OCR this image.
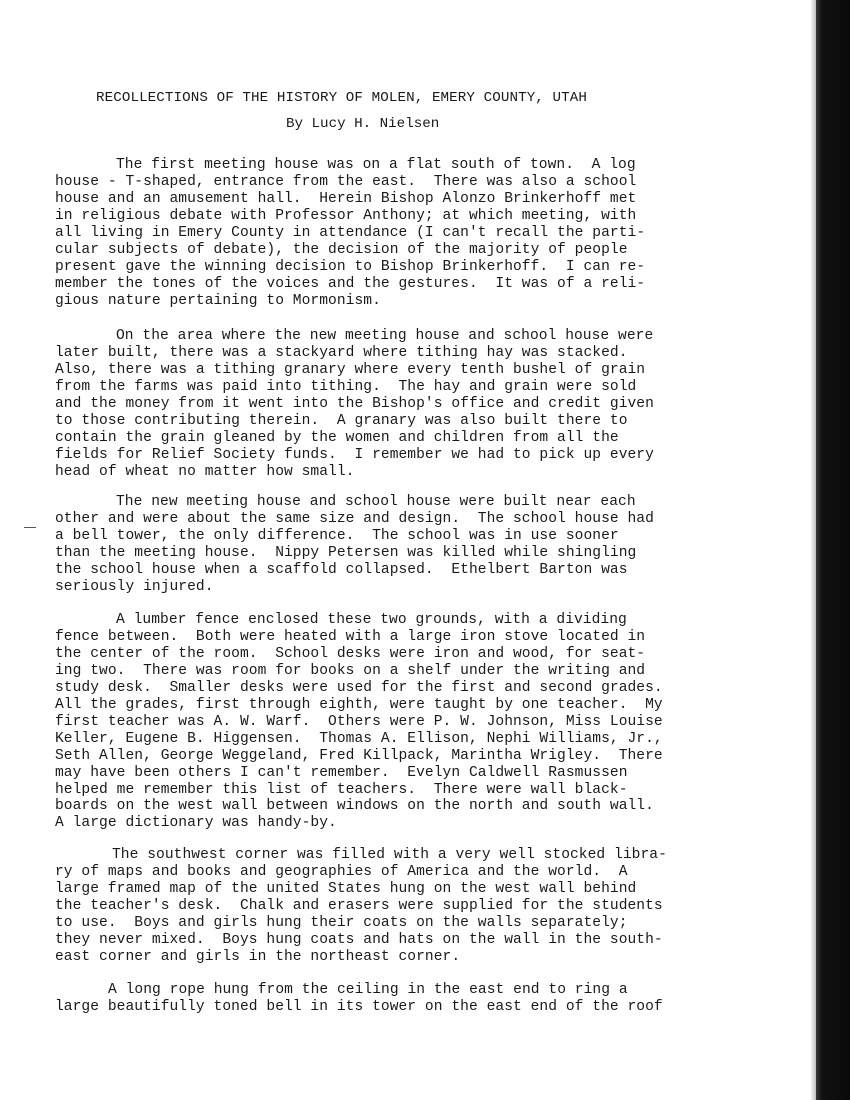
RECOLLECTIONS OF THE HISTORY OF MOLEN, EMERY COUNTY, UTAH
By Lucy H. Nielsen
The first meeting house was on a flat south of town.  A log
house - T-shaped, entrance from the east.  There was also a school
house and an amusement hall.  Herein Bishop Alonzo Brinkerhoff met
in religious debate with Professor Anthony; at which meeting, with
all living in Emery County in attendance (I can't recall the parti-
cular subjects of debate), the decision of the majority of people
present gave the winning decision to Bishop Brinkerhoff.  I can re-
member the tones of the voices and the gestures.  It was of a reli-
gious nature pertaining to Mormonism.
On the area where the new meeting house and school house were
later built, there was a stackyard where tithing hay was stacked.
Also, there was a tithing granary where every tenth bushel of grain
from the farms was paid into tithing.  The hay and grain were sold
and the money from it went into the Bishop's office and credit given
to those contributing therein.  A granary was also built there to
contain the grain gleaned by the women and children from all the
fields for Relief Society funds.  I remember we had to pick up every
head of wheat no matter how small.
The new meeting house and school house were built near each
other and were about the same size and design.  The school house had
a bell tower, the only difference.  The school was in use sooner
than the meeting house.  Nippy Petersen was killed while shingling
the school house when a scaffold collapsed.  Ethelbert Barton was
seriously injured.
A lumber fence enclosed these two grounds, with a dividing
fence between.  Both were heated with a large iron stove located in
the center of the room.  School desks were iron and wood, for seat-
ing two.  There was room for books on a shelf under the writing and
study desk.  Smaller desks were used for the first and second grades.
All the grades, first through eighth, were taught by one teacher.  My
first teacher was A. W. Warf.  Others were P. W. Johnson, Miss Louise
Keller, Eugene B. Higgensen.  Thomas A. Ellison, Nephi Williams, Jr.,
Seth Allen, George Weggeland, Fred Killpack, Marintha Wrigley.  There
may have been others I can't remember.  Evelyn Caldwell Rasmussen
helped me remember this list of teachers.  There were wall black-
boards on the west wall between windows on the north and south wall.
A large dictionary was handy-by.
The southwest corner was filled with a very well stocked libra-
ry of maps and books and geographies of America and the world.  A
large framed map of the united States hung on the west wall behind
the teacher's desk.  Chalk and erasers were supplied for the students
to use.  Boys and girls hung their coats on the walls separately;
they never mixed.  Boys hung coats and hats on the wall in the south-
east corner and girls in the northeast corner.
A long rope hung from the ceiling in the east end to ring a
large beautifully toned bell in its tower on the east end of the roof
